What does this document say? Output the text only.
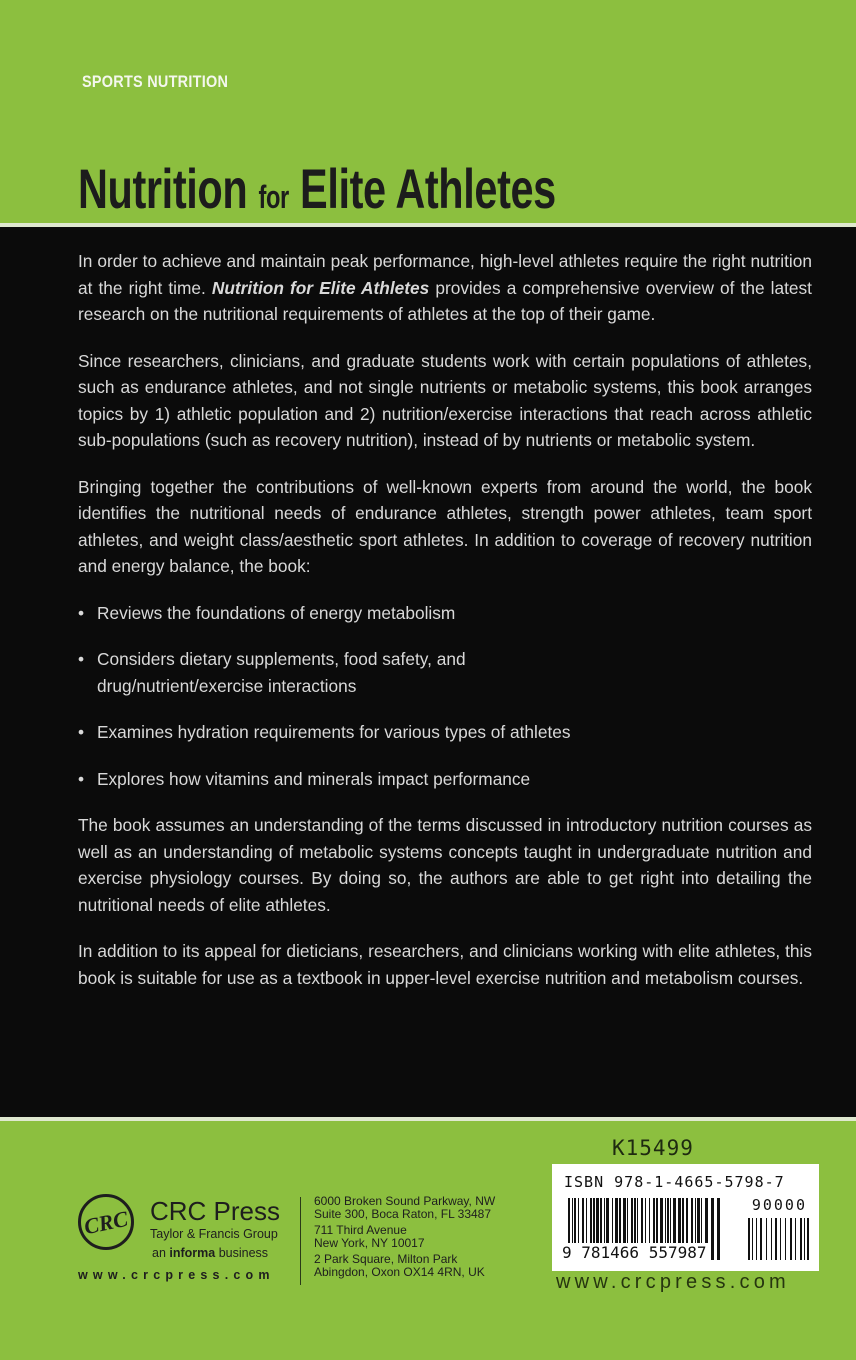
SPORTS NUTRITION
Nutrition for Elite Athletes

In order to achieve and maintain peak performance, high-level athletes require the right nutrition at the right time. Nutrition for Elite Athletes provides a comprehensive overview of the latest research on the nutritional requirements of athletes at the top of their game.

Since researchers, clinicians, and graduate students work with certain populations of athletes, such as endurance athletes, and not single nutrients or metabolic systems, this book arranges topics by 1) athletic population and 2) nutrition/exercise interactions that reach across athletic sub-populations (such as recovery nutrition), instead of by nutrients or metabolic system.

Bringing together the contributions of well-known experts from around the world, the book identifies the nutritional needs of endurance athletes, strength power athletes, team sport athletes, and weight class/aesthetic sport athletes. In addition to coverage of recovery nutrition and energy balance, the book:

• Reviews the foundations of energy metabolism
• Considers dietary supplements, food safety, and drug/nutrient/exercise interactions
• Examines hydration requirements for various types of athletes
• Explores how vitamins and minerals impact performance

The book assumes an understanding of the terms discussed in introductory nutrition courses as well as an understanding of metabolic systems concepts taught in undergraduate nutrition and exercise physiology courses. By doing so, the authors are able to get right into detailing the nutritional needs of elite athletes.

In addition to its appeal for dieticians, researchers, and clinicians working with elite athletes, this book is suitable for use as a textbook in upper-level exercise nutrition and metabolism courses.

CRC CRC Press
Taylor & Francis Group
an informa business
www.crcpress.com
6000 Broken Sound Parkway, NW
Suite 300, Boca Raton, FL 33487
711 Third Avenue
New York, NY 10017
2 Park Square, Milton Park
Abingdon, Oxon OX14 4RN, UK
K15499
ISBN 978-1-4665-5798-7
90000
9 781466 557987
www.crcpress.com
